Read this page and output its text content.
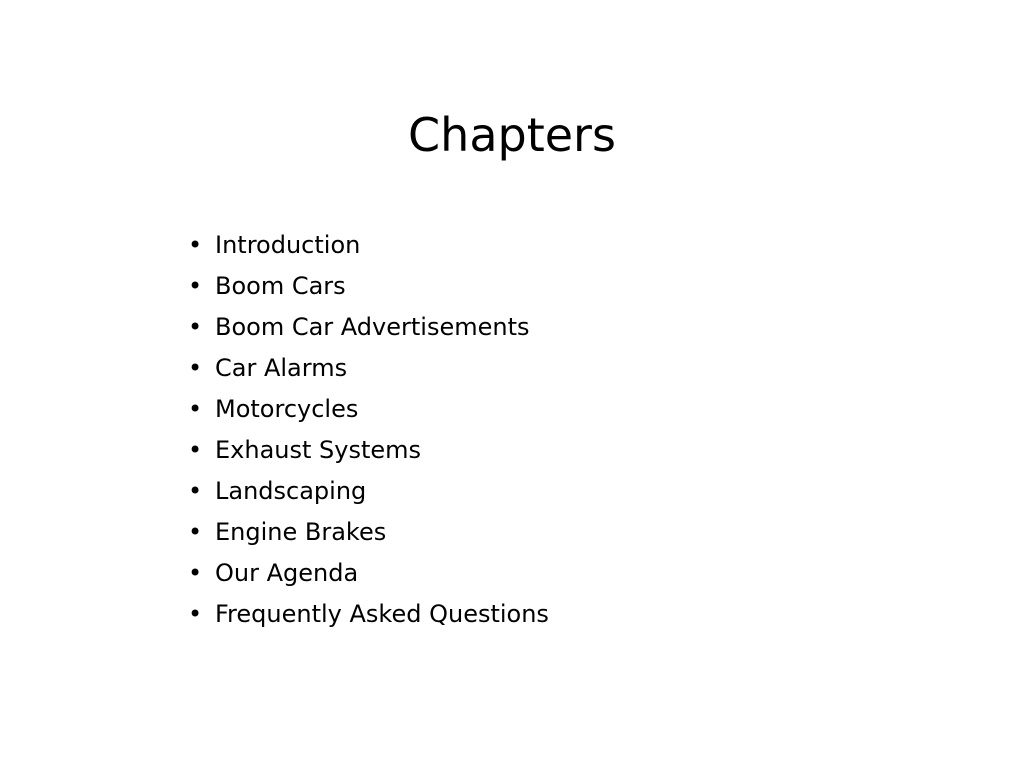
Chapters
• Introduction
• Boom Cars
• Boom Car Advertisements
• Car Alarms
• Motorcycles
• Exhaust Systems
• Landscaping
• Engine Brakes
• Our Agenda
• Frequently Asked Questions
